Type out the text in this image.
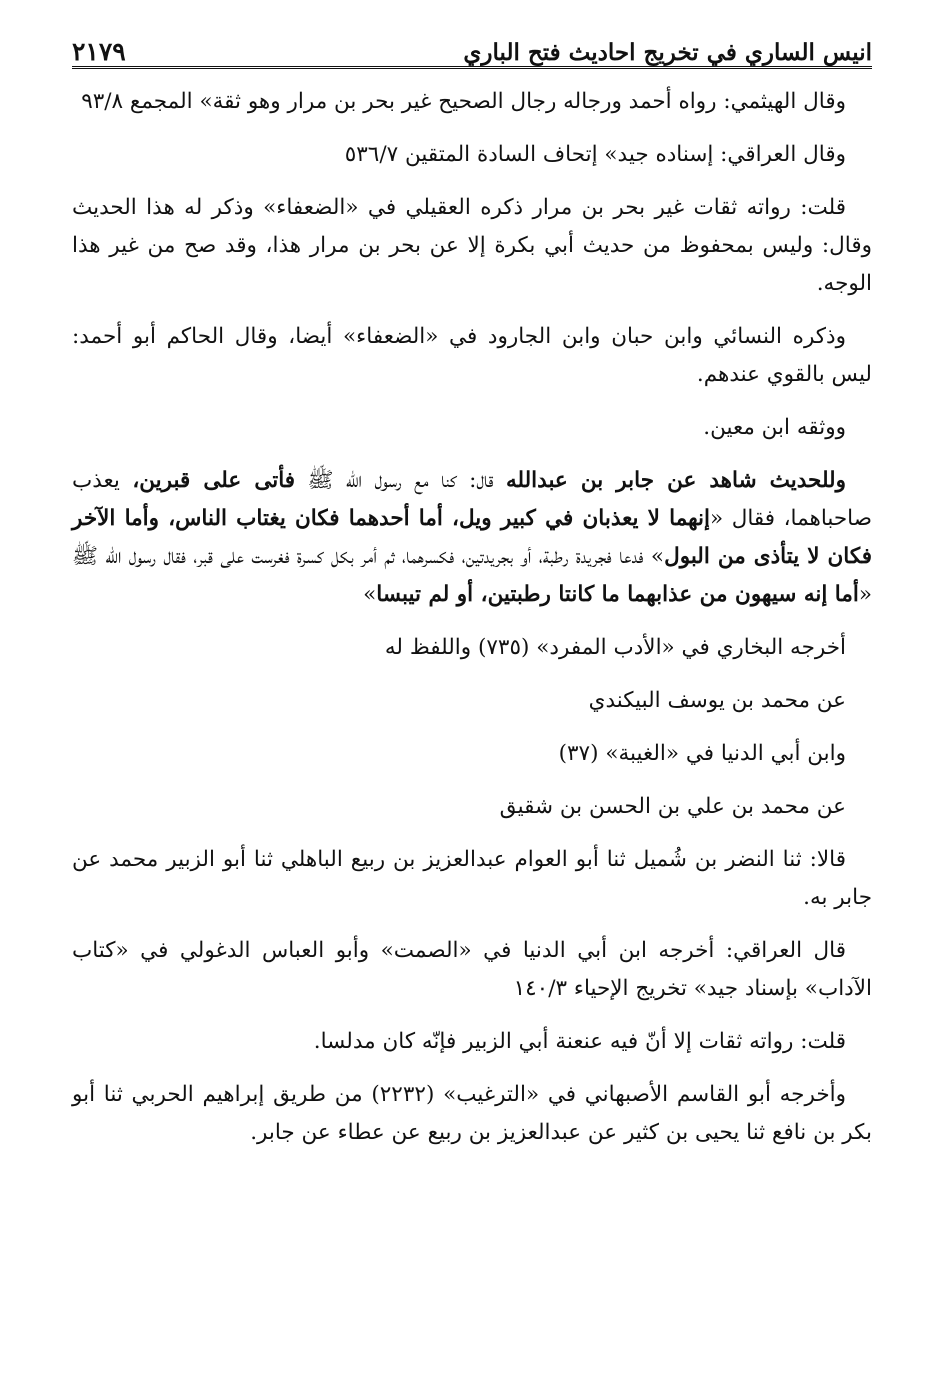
انيس الساري في تخريج احاديث فتح الباري
٢١٧٩

وقال الهيثمي: رواه أحمد ورجاله رجال الصحيح غير بحر بن مرار وهو ثقة» المجمع ٩٣/٨

وقال العراقي: إسناده جيد» إتحاف السادة المتقين ٥٣٦/٧

قلت: رواته ثقات غير بحر بن مرار ذكره العقيلي في «الضعفاء» وذكر له هذا الحديث وقال: وليس بمحفوظ من حديث أبي بكرة إلا عن بحر بن مرار هذا، وقد صح من غير هذا الوجه.

وذكره النسائي وابن حبان وابن الجارود في «الضعفاء» أيضا، وقال الحاكم أبو أحمد: ليس بالقوي عندهم.

ووثقه ابن معين.

وللحديث شاهد عن جابر بن عبدالله قال: كنا مع رسول الله ﷺ فأتى على قبرين، يعذب صاحباهما، فقال «إنهما لا يعذبان في كبير ويل، أما أحدهما فكان يغتاب الناس، وأما الآخر فكان لا يتأذى من البول» فدعا فجريدة رطبة، أو بجريدتين، فكسرهما، ثم أمر بكل كسرة فغرست على قبر، فقال رسول الله ﷺ «أما إنه سيهون من عذابهما ما كانتا رطبتين، أو لم تيبسا»

أخرجه البخاري في «الأدب المفرد» (٧٣٥) واللفظ له

عن محمد بن يوسف البيكندي

وابن أبي الدنيا في «الغيبة» (٣٧)

عن محمد بن علي بن الحسن بن شقيق

قالا: ثنا النضر بن شُميل ثنا أبو العوام عبدالعزيز بن ربيع الباهلي ثنا أبو الزبير محمد عن جابر به.

قال العراقي: أخرجه ابن أبي الدنيا في «الصمت» وأبو العباس الدغولي في «كتاب الآداب» بإسناد جيد» تخريج الإحياء ١٤٠/٣

قلت: رواته ثقات إلا أنّ فيه عنعنة أبي الزبير فإنّه كان مدلسا.

وأخرجه أبو القاسم الأصبهاني في «الترغيب» (٢٢٣٢) من طريق إبراهيم الحربي ثنا أبو بكر بن نافع ثنا يحيى بن كثير عن عبدالعزيز بن ربيع عن عطاء عن جابر.
